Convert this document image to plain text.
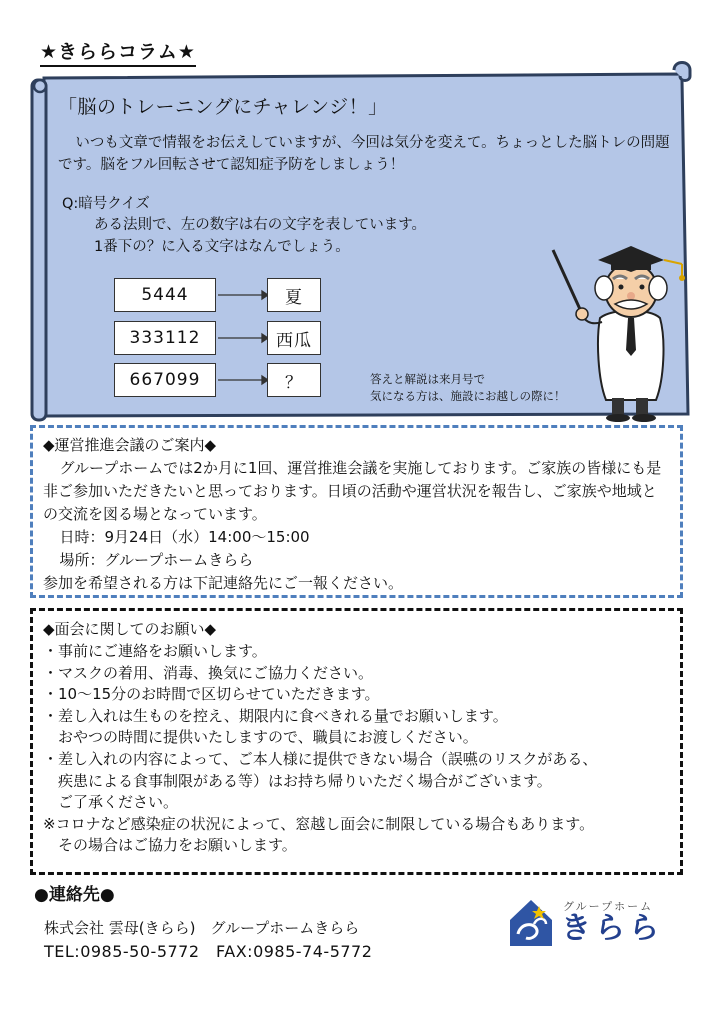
★きららコラム★
「脳のトレーニングにチャレンジ！」
いつも文章で情報をお伝えしていますが、今回は気分を変えて。ちょっとした脳トレの問題です。脳をフル回転させて認知症予防をしましょう！
Q:暗号クイズ
ある法則で、左の数字は右の文字を表しています。
1番下の？に入る文字はなんでしょう。
5444	夏
333112	西瓜
667099	？	答えと解説は来月号で
気になる方は、施設にお越しの際に！
◆運営推進会議のご案内◆
グループホームでは2か月に1回、運営推進会議を実施しております。ご家族の皆様にも是非ご参加いただきたいと思っております。日頃の活動や運営状況を報告し、ご家族や地域との交流を図る場となっています。
日時：9月24日（水）14:00～15:00
場所：グループホームきらら
参加を希望される方は下記連絡先にご一報ください。
◆面会に関してのお願い◆
・事前にご連絡をお願いします。
・マスクの着用、消毒、換気にご協力ください。
・10～15分のお時間で区切らせていただきます。
・差し入れは生ものを控え、期限内に食べきれる量でお願いします。
　おやつの時間に提供いたしますので、職員にお渡しください。
・差し入れの内容によって、ご本人様に提供できない場合（誤嚥のリスクがある、
　疾患による食事制限がある等）はお持ち帰りいただく場合がございます。
　ご了承ください。
※コロナなど感染症の状況によって、窓越し面会に制限している場合もあります。
　その場合はご協力をお願いします。
●連絡先●
株式会社 雲母(きらら)　グループホームきらら
TEL:0985-50-5772　FAX:0985-74-5772
グループホーム
きらら
